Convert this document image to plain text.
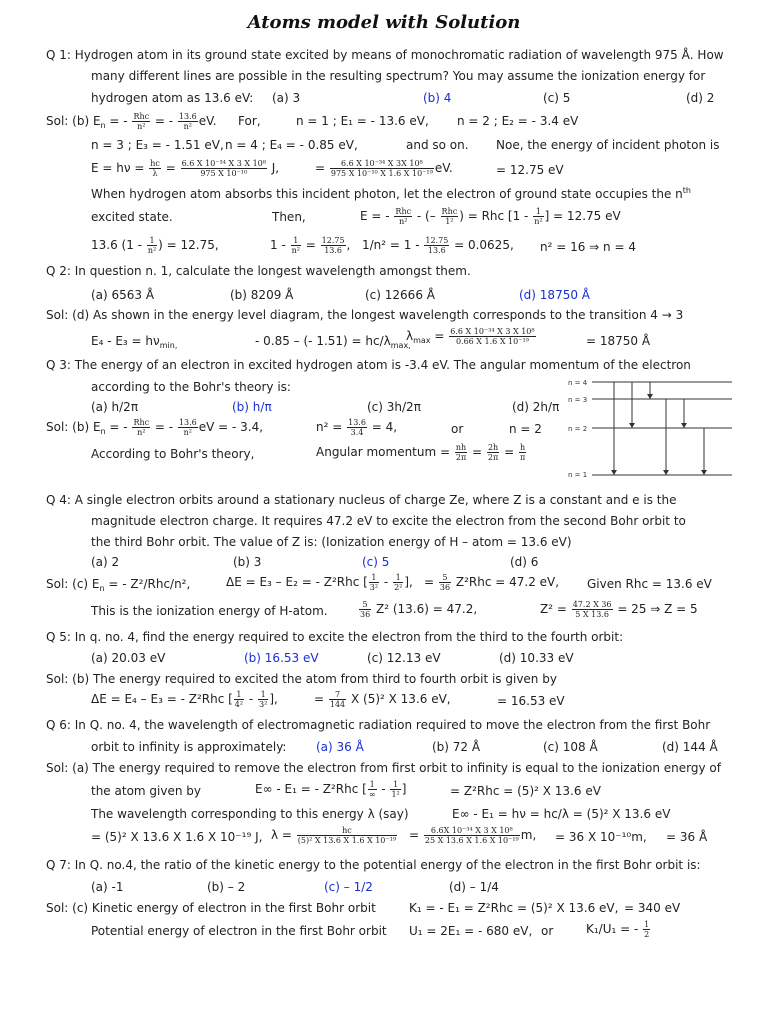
Atoms model with Solution
Q 1: Hydrogen atom in its ground state excited by means of monochromatic radiation of wavelength 975 Å. How
many different lines are possible in the resulting spectrum? You may assume the ionization energy for
hydrogen atom as 13.6 eV: (a) 3	(b) 4	(c) 5	(d) 2
Sol: (b) $E_n$ = - $\frac{\text{Rhc}}{\text{n²}}$ = - $\frac{13.6}{\text{n²}}$ eV. For,	n = 1 ; E₁ = - 13.6 eV, n = 2 ; E₂ = - 3.4 eV
n = 3 ; E₃ = - 1.51 eV, n = 4 ; E₄ = - 0.85 eV,	and so on. Noe, the energy of incident photon is
$E = h\nu = \frac{hc}{\lambda} = \frac{\text{6.6 X 10⁻³⁴ X 3 X 10⁸}}{\text{975 X 10⁻¹⁰}} J$,	= $\frac{\text{6.6 X 10⁻³⁴ X 3X 10⁸}}{\text{975 X 10⁻¹⁰ X 1.6 X 10⁻¹⁹}}$ eV.	= 12.75 eV
When hydrogen atom absorbs this incident photon, let the electron of ground state occupies the $n^{th}$
excited state.	Then,	E = - $\frac{\text{Rhc}}{\text{n²}}$ - (– $\frac{\text{Rhc}}{\text{1²}}$ ) = Rhc [$1 - \frac{1}{\text{n²}}$ ] = 12.75 eV
13.6 ($1 - \frac{1}{\text{n²}}$ ) = 12.75,	$1 - \frac{1}{\text{n²}} = \frac{12.75}{13.6}$ , $1/n^2 = 1 - \frac{12.75}{13.6} = 0.0625$, n² = 16 ⇒ n = 4
Q 2: In question n. 1, calculate the longest wavelength amongst them.
(a) 6563 Å	(b) 8209 Å	(c) 12666 Å	(d) 18750 Å
Sol: (d) As shown in the energy level diagram, the longest wavelength corresponds to the transition 4 → 3
$E_4 - E_3 = h\nu_{min,}$	- 0.85 – (- $1.51) = hc/\lambda_{max,}$
$\lambda_{max} = \frac{\text{6.6 X 10⁻³⁴ X 3 X 10⁸}}{\text{0.66 X 1.6 X 10⁻¹⁹}}$	= 18750 Å
Q 3: The energy of an electron in excited hydrogen atom is -3.4 eV. The angular momentum of the electron
according to the Bohr's theory is:
(a) h/2π	(b) h/π	(c) 3h/2π	(d) 2h/π
Sol: (b) $E_n$ = - $\frac{\text{Rhc}}{\text{n²}}$ = - $\frac{13.6}{\text{n²}}$ eV = - 3.4,	$n^2 = \frac{13.6}{3.4} = 4$,	or	n = 2
According to Bohr's theory,	Angular momentum = $\frac{nh}{2\pi} = \frac{2h}{2\pi} = \frac{h}{\pi}$
n = 4
n = 3
n = 2
n = 1
Q 4: A single electron orbits around a stationary nucleus of charge Ze, where Z is a constant and e is the
magnitude electron charge. It requires 47.2 eV to excite the electron from the second Bohr orbit to
the third Bohr orbit. The value of Z is: (Ionization energy of H – atom = 13.6 eV)
(a) 2	(b) 3	(c) 5	(d) 6
Sol: (c) $E_n$ = - Z²/Rhc/n²,	ΔE = E₃ – E₂ = - Z²Rhc [ $\frac{1}{\text{3²}} - \frac{1}{\text{2²}}$ ], = $\frac{5}{36} Z^2Rhc = 47.2$ eV, Given Rhc = 13.6 eV
This is the ionization energy of H-atom.	$\frac{5}{36} Z^2$ (13.6) = 47.2,	$Z^2 = \frac{47.2 X 36}{5 X 13.6} = 25$ ⇒ Z = 5
Q 5: In q. no. 4, find the energy required to excite the electron from the third to the fourth orbit:
(a) 20.03 eV	(b) 16.53 eV	(c) 12.13 eV	(d) 10.33 eV
Sol: (b) The energy required to excited the atom from third to fourth orbit is given by
ΔE = E₄ – E₃ = - Z²Rhc [ $\frac{1}{\text{4²}} - \frac{1}{\text{3²}}$ ],	= $\frac{7}{144}$ X (5)² X 13.6 eV,	= 16.53 eV
Q 6: In Q. no. 4, the wavelength of electromagnetic radiation required to move the electron from the first Bohr
orbit to infinity is approximately: (a) 36 Å	(b) 72 Å	(c) 108 Å	(d) 144 Å
Sol: (a) The energy required to remove the electron from first orbit to infinity is equal to the ionization energy of
the atom given by	E∞ - E₁ = - Z²Rhc [ $\frac{1}{\infty} - \frac{1}{\text{1²}}$ ]	= Z²Rhc = (5)² X 13.6 eV
The wavelength corresponding to this energy λ (say)	E∞ - E₁ = hν = hc/λ = (5)² X 13.6 eV
= (5)² X 13.6 X 1.6 X 10⁻¹⁹ J, $\lambda = \frac{hc}{\text{(5)² X 13.6 X 1.6 X 10⁻¹⁹}} = \frac{\text{6.6X 10⁻³⁴ X 3 X 10⁸}}{\text{25 X 13.6 X 1.6 X 10⁻¹⁹}} m$, = 36 X 10⁻¹⁰m, = 36 Å
Q 7: In Q. no.4, the ratio of the kinetic energy to the potential energy of the electron in the first Bohr orbit is:
(a) -1	(b) – 2	(c) – 1/2	(d) – 1/4
Sol: (c) Kinetic energy of electron in the first Bohr orbit	K₁ = - E₁ = Z²Rhc = (5)² X 13.6 eV, = 340 eV
Potential energy of electron in the first Bohr orbit U₁ = 2E₁ = - 680 eV, or	K₁/U₁ = - $\frac{1}{2}$
